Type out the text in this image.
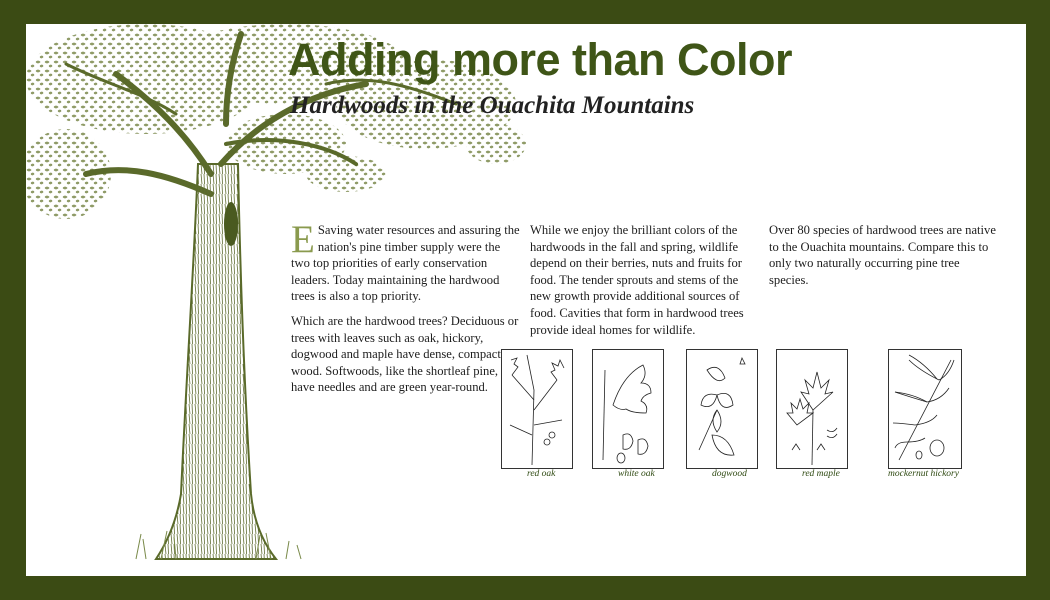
Adding more than Color
Hardwoods in the Ouachita Mountains

E Saving water resources and assuring the nation's pine timber supply were the two top priorities of early conservation leaders. Today maintaining the hardwood trees is also a top priority.

Which are the hardwood trees? Deciduous or trees with leaves such as oak, hickory, dogwood and maple have dense, compact wood. Softwoods, like the shortleaf pine, have needles and are green year-round.

While we enjoy the brilliant colors of the hardwoods in the fall and spring, wildlife depend on their berries, nuts and fruits for food. The tender sprouts and stems of the new growth provide additional sources of food. Cavities that form in hardwood trees provide ideal homes for wildlife.

Over 80 species of hardwood trees are native to the Ouachita mountains. Compare this to only two naturally occurring pine tree species.

red oak	white oak	dogwood	red maple	mockernut hickory
